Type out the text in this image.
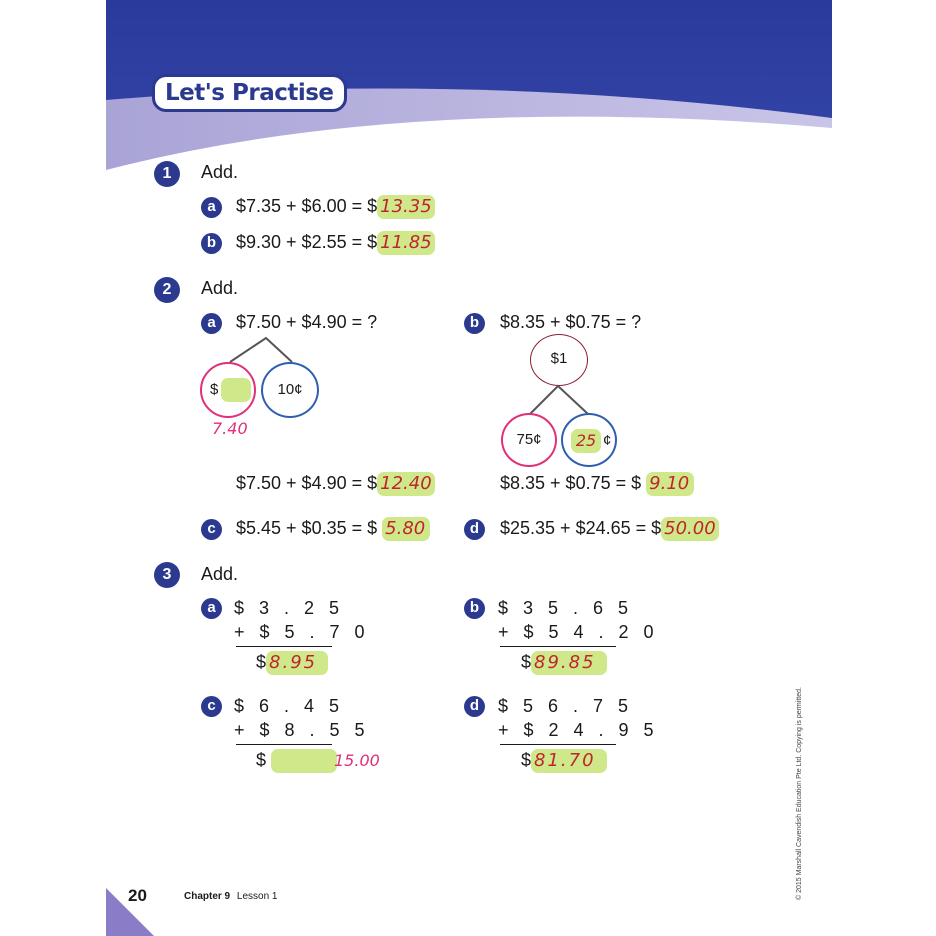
Let's Practise
1	Add.
a	$7.35 + $6.00 = $ 13.35
b	$9.30 + $2.55 = $ 11.85
2	Add.
a	$7.50 + $4.90 = ?
$	10¢
7.40
$7.50 + $4.90 = $ 12.40
b	$8.35 + $0.75 = ?
$1
75¢	25 ¢
$8.35 + $0.75 = $ 9.10
c	$5.45 + $0.35 = $ 5.80	d	$25.35 + $24.65 = $ 50.00
3	Add.
a	$ 3 . 2 5
+ $ 5 . 7 0
$ 8.95
b	$ 3 5 . 6 5
+ $ 5 4 . 2 0
$ 89.85
c	$ 6 . 4 5
+ $ 8 . 5 5
$	15.00
d	$ 5 6 . 7 5
+ $ 2 4 . 9 5
$ 81.70
20	Chapter 9 Lesson 1	© 2015 Marshall Cavendish Education Pte Ltd. Copying is permitted.
